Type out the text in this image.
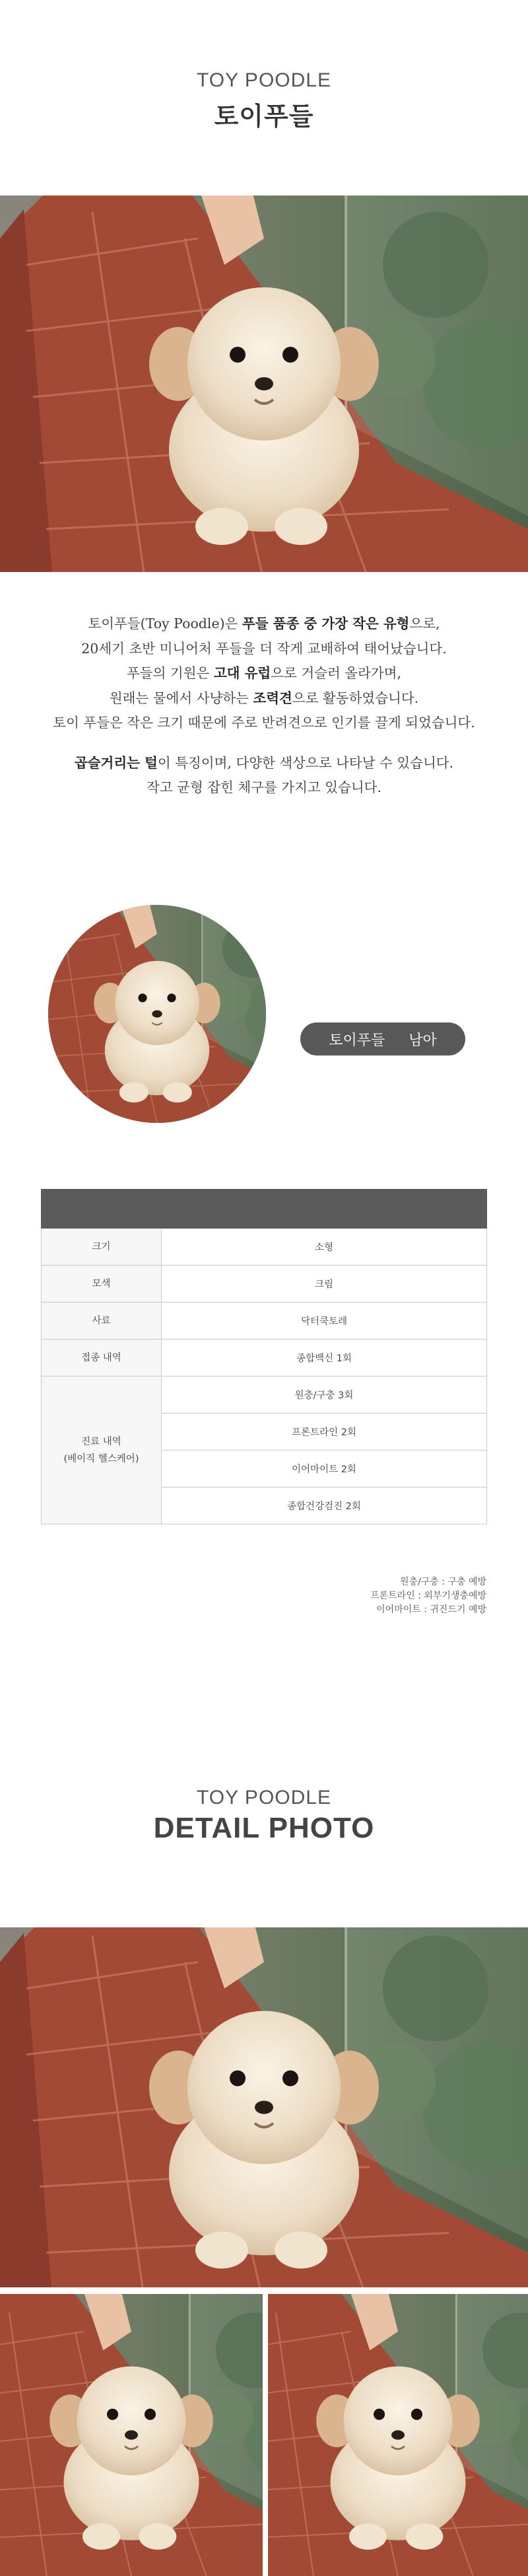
TOY POODLE
토이푸들

토이푸들(Toy Poodle)은 푸들 품종 중 가장 작은 유형으로,

20세기 초반 미니어처 푸들을 더 작게 교배하여 태어났습니다.

푸들의 기원은 고대 유럽으로 거슬러 올라가며,

원래는 물에서 사냥하는 조력견으로 활동하였습니다.

토이 푸들은 작은 크기 때문에 주로 반려견으로 인기를 끌게 되었습니다.

곱슬거리는 털이 특징이며, 다양한 색상으로 나타날 수 있습니다.

작고 균형 잡힌 체구를 가지고 있습니다.

토이푸들 남아

크기	소형
모색	크림
사료	닥터쿡토레
접종 내역	종합백신 1회
진료 내역
(베이직 헬스케어)	원충/구충 3회
	프론트라인 2회
	이어마이트 2회
	종합건강검진 2회
원충/구충 : 구충 예방
프론트라인 : 외부기생충예방
이어마이트 : 귀진드기 예방
TOY POODLE
DETAIL PHOTO
